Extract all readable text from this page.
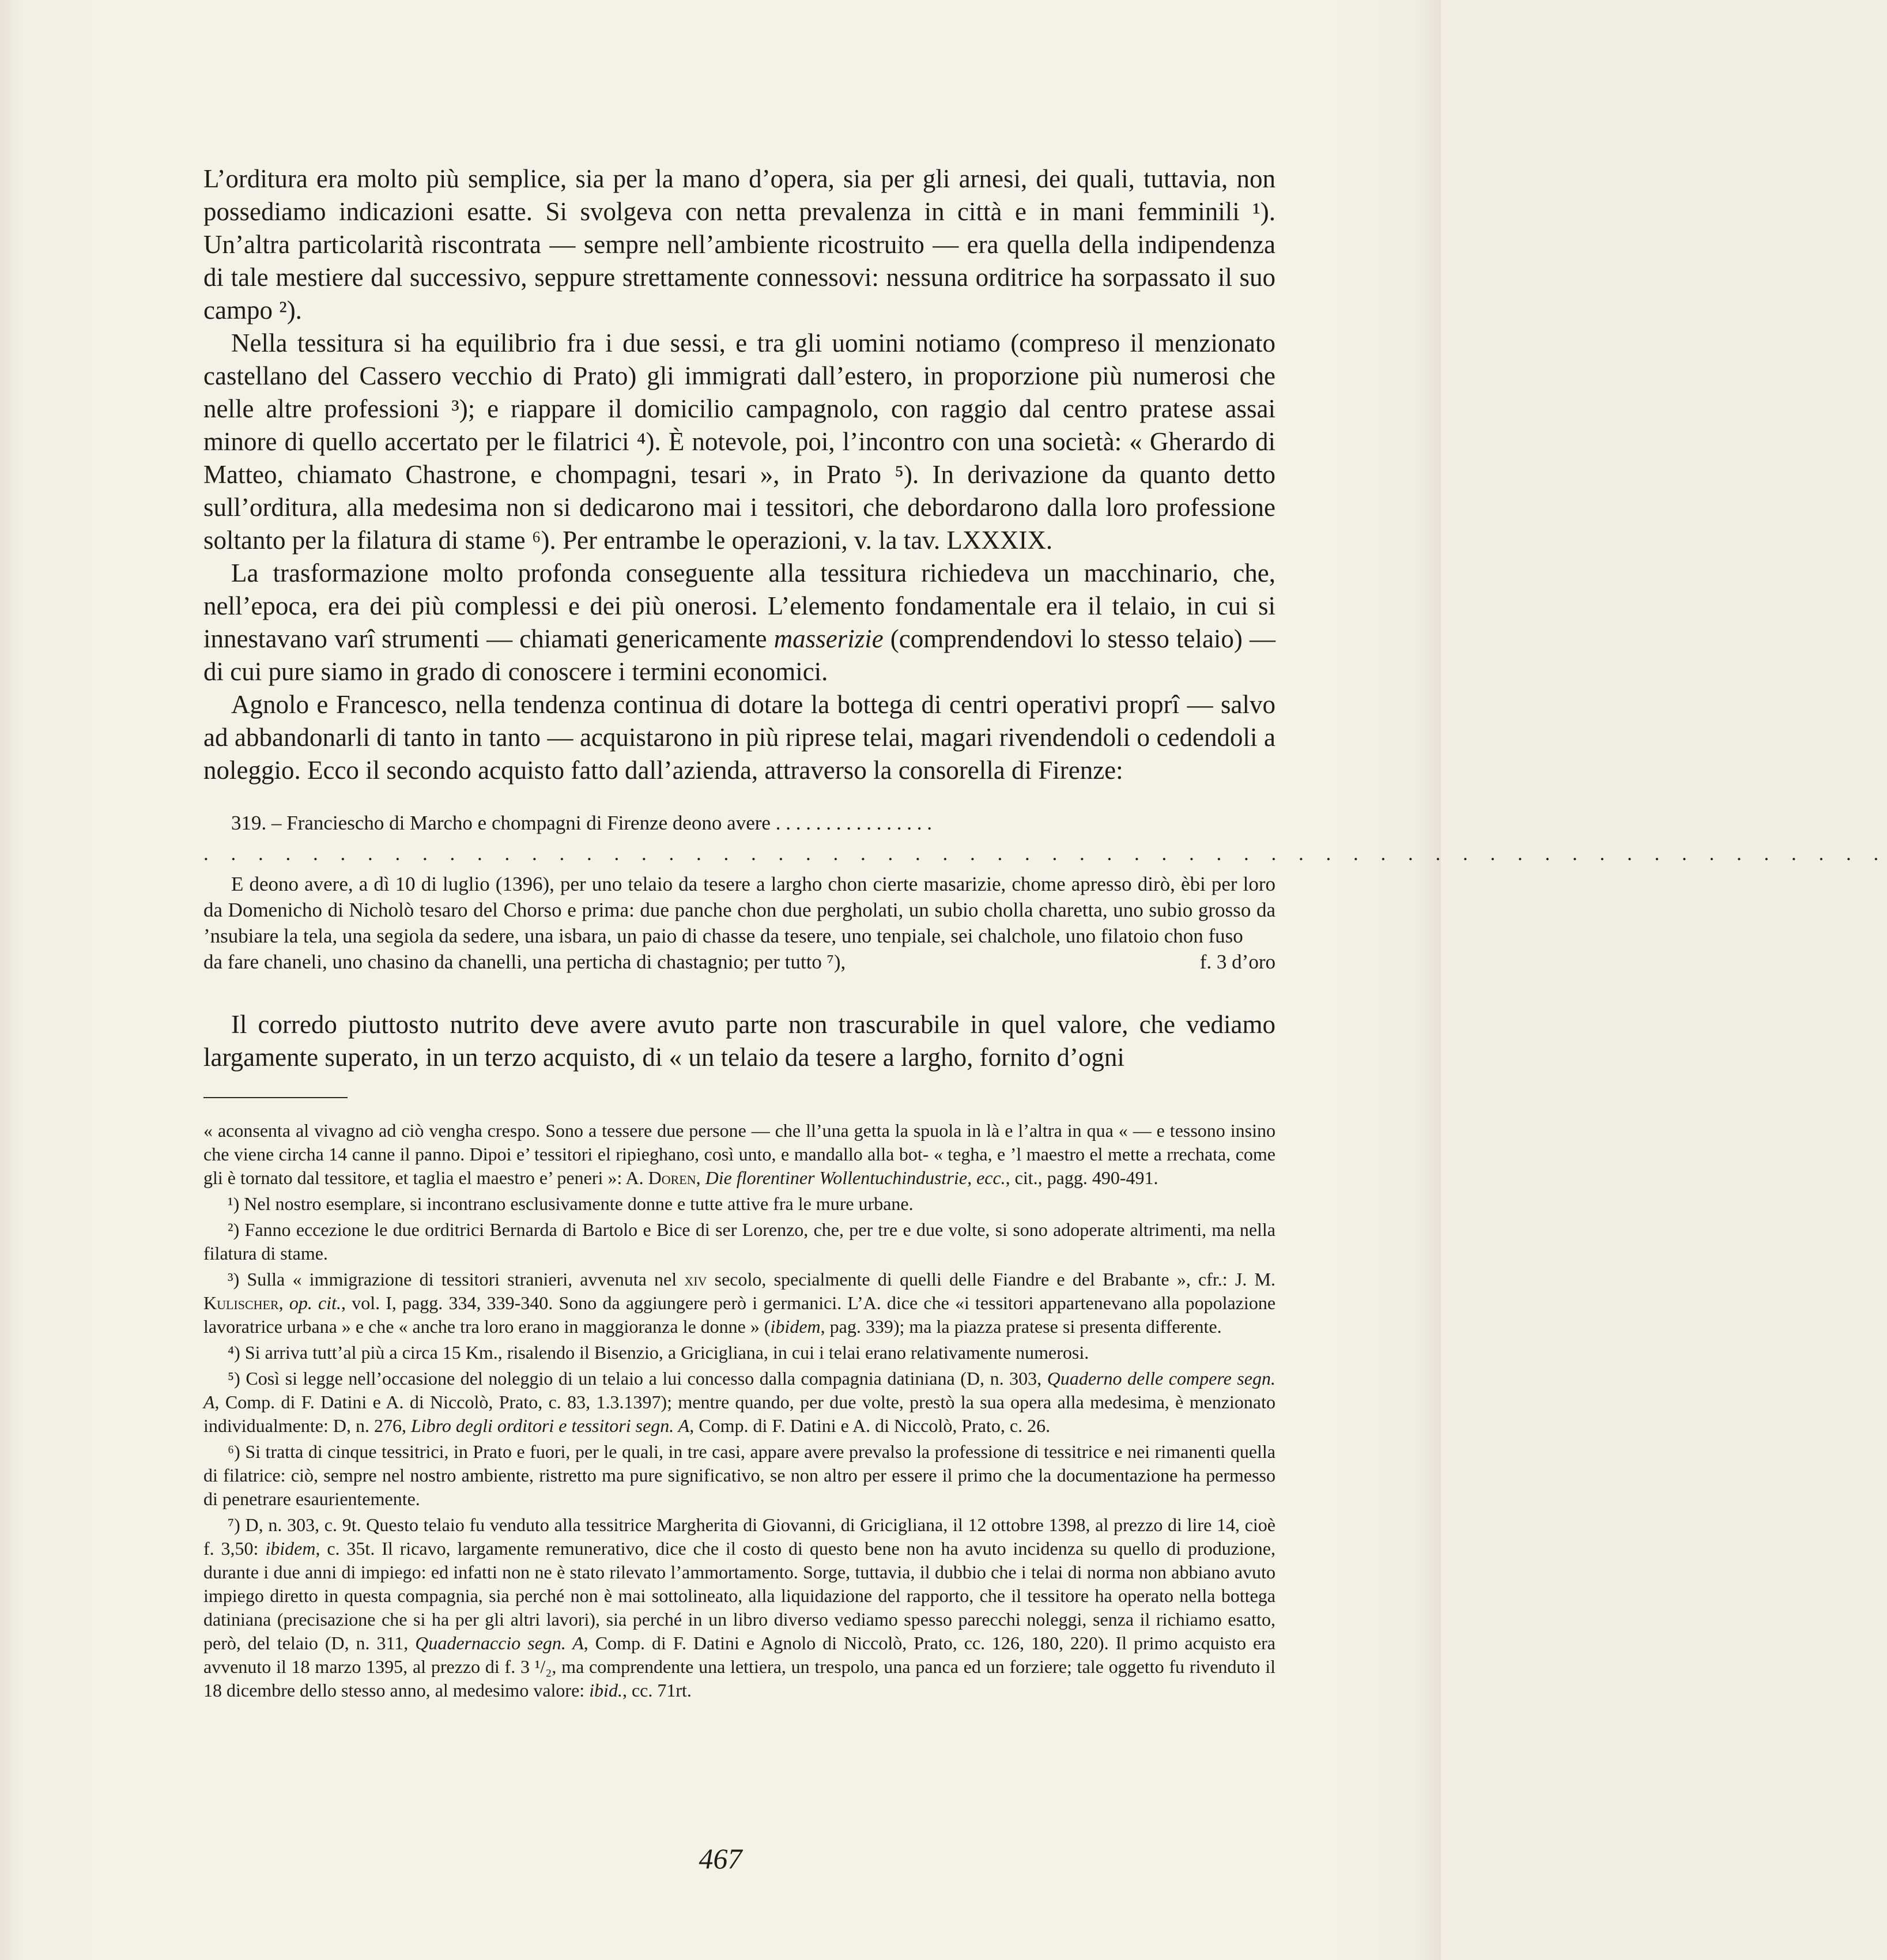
L’orditura era molto più semplice, sia per la mano d’opera, sia per gli arnesi, dei quali, tuttavia, non possediamo indicazioni esatte. Si svolgeva con netta prevalenza in città e in mani femminili ¹). Un’altra particolarità riscontrata — sempre nell’ambiente ricostruito — era quella della indipendenza di tale mestiere dal successivo, seppure strettamente connessovi: nessuna orditrice ha sorpassato il suo campo ²).

Nella tessitura si ha equilibrio fra i due sessi, e tra gli uomini notiamo (compreso il menzionato castellano del Cassero vecchio di Prato) gli immigrati dall’estero, in proporzione più numerosi che nelle altre professioni ³); e riappare il domicilio campagnolo, con raggio dal centro pratese assai minore di quello accertato per le filatrici ⁴). È notevole, poi, l’incontro con una società: « Gherardo di Matteo, chiamato Chastrone, e chompagni, tesari », in Prato ⁵). In derivazione da quanto detto sull’orditura, alla medesima non si dedicarono mai i tessitori, che debordarono dalla loro professione soltanto per la filatura di stame ⁶). Per entrambe le operazioni, v. la tav. LXXXIX.

La trasformazione molto profonda conseguente alla tessitura richiedeva un macchinario, che, nell’epoca, era dei più complessi e dei più onerosi. L’elemento fondamentale era il telaio, in cui si innestavano varî strumenti — chiamati genericamente masserizie (comprendendovi lo stesso telaio) — di cui pure siamo in grado di conoscere i termini economici.

Agnolo e Francesco, nella tendenza continua di dotare la bottega di centri operativi proprî — salvo ad abbandonarli di tanto in tanto — acquistarono in più riprese telai, magari rivendendoli o cedendoli a noleggio. Ecco il secondo acquisto fatto dall’azienda, attraverso la consorella di Firenze:

319. – Franciescho di Marcho e chompagni di Firenze deono avere . . . . . . . . . . . . . . . .

. . . . . . . . . . . . . . . . . . . . . . . . . . . . . . . . . . . . . . . . . . . . . . . . . . . . . . . . . . . . . .

E deono avere, a dì 10 di luglio (1396), per uno telaio da tesere a largho chon cierte masarizie, chome apresso dirò, èbi per loro da Domenicho di Nicholò tesaro del Chorso e prima: due panche chon due pergholati, un subio cholla charetta, uno subio grosso da ’nsubiare la tela, una segiola da sedere, una isbara, un paio di chasse da tesere, uno tenpiale, sei chalchole, uno filatoio chon fuso

da fare chaneli, uno chasino da chanelli, una perticha di chastagnio; per tutto ⁷),	f. 3 d’oro

Il corredo piuttosto nutrito deve avere avuto parte non trascurabile in quel valore, che vediamo largamente superato, in un terzo acquisto, di « un telaio da tesere a largho, fornito d’ogni

« aconsenta al vivagno ad ciò vengha crespo. Sono a tessere due persone — che ll’una getta la spuola in là e l’altra in qua « — e tessono insino che viene circha 14 canne il panno. Dipoi e’ tessitori el ripieghano, così unto, e mandallo alla bot- « tegha, e ’l maestro el mette a rrechata, come gli è tornato dal tessitore, et taglia el maestro e’ peneri »: A. Doren, Die florentiner Wollentuchindustrie, ecc., cit., pagg. 490-491.

¹) Nel nostro esemplare, si incontrano esclusivamente donne e tutte attive fra le mure urbane.

²) Fanno eccezione le due orditrici Bernarda di Bartolo e Bice di ser Lorenzo, che, per tre e due volte, si sono adoperate altrimenti, ma nella filatura di stame.

³) Sulla « immigrazione di tessitori stranieri, avvenuta nel xiv secolo, specialmente di quelli delle Fiandre e del Brabante », cfr.: J. M. Kulischer, op. cit., vol. I, pagg. 334, 339-340. Sono da aggiungere però i germanici. L’A. dice che «i tessitori appartenevano alla popolazione lavoratrice urbana » e che « anche tra loro erano in maggioranza le donne » (ibidem, pag. 339); ma la piazza pratese si presenta differente.

⁴) Si arriva tutt’al più a circa 15 Km., risalendo il Bisenzio, a Gricigliana, in cui i telai erano relativamente numerosi.

⁵) Così si legge nell’occasione del noleggio di un telaio a lui concesso dalla compagnia datiniana (D, n. 303, Quaderno delle compere segn. A, Comp. di F. Datini e A. di Niccolò, Prato, c. 83, 1.3.1397); mentre quando, per due volte, prestò la sua opera alla medesima, è menzionato individualmente: D, n. 276, Libro degli orditori e tessitori segn. A, Comp. di F. Datini e A. di Niccolò, Prato, c. 26.

⁶) Si tratta di cinque tessitrici, in Prato e fuori, per le quali, in tre casi, appare avere prevalso la professione di tessitrice e nei rimanenti quella di filatrice: ciò, sempre nel nostro ambiente, ristretto ma pure significativo, se non altro per essere il primo che la documentazione ha permesso di penetrare esaurientemente.

⁷) D, n. 303, c. 9t. Questo telaio fu venduto alla tessitrice Margherita di Giovanni, di Gricigliana, il 12 ottobre 1398, al prezzo di lire 14, cioè f. 3,50: ibidem, c. 35t. Il ricavo, largamente remunerativo, dice che il costo di questo bene non ha avuto incidenza su quello di produzione, durante i due anni di impiego: ed infatti non ne è stato rilevato l’ammortamento. Sorge, tuttavia, il dubbio che i telai di norma non abbiano avuto impiego diretto in questa compagnia, sia perché non è mai sottolineato, alla liquidazione del rapporto, che il tessitore ha operato nella bottega datiniana (precisazione che si ha per gli altri lavori), sia perché in un libro diverso vediamo spesso parecchi noleggi, senza il richiamo esatto, però, del telaio (D, n. 311, Quadernaccio segn. A, Comp. di F. Datini e Agnolo di Niccolò, Prato, cc. 126, 180, 220). Il primo acquisto era avvenuto il 18 marzo 1395, al prezzo di f. 3 ¹/₂, ma comprendente una lettiera, un trespolo, una panca ed un forziere; tale oggetto fu rivenduto il 18 dicembre dello stesso anno, al medesimo valore: ibid., cc. 71rt.

467
